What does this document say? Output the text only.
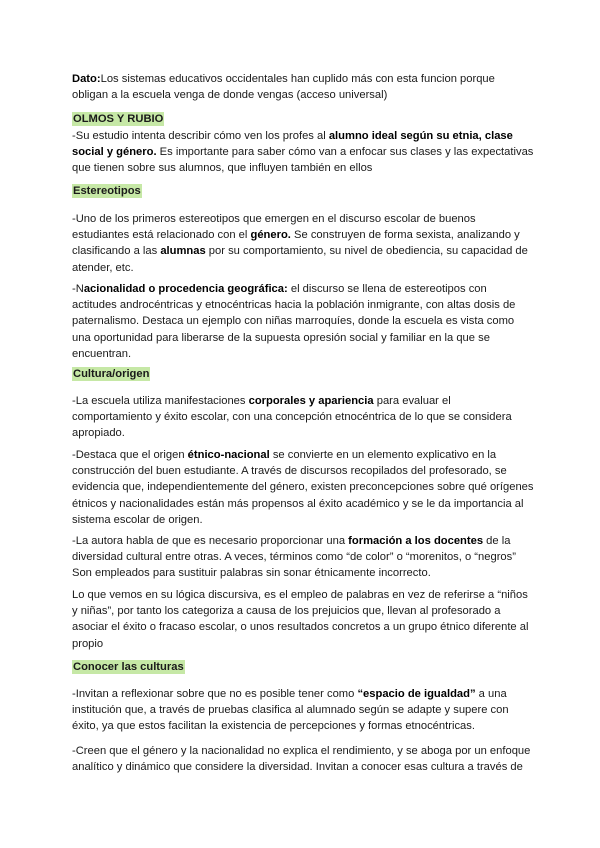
Dato:Los sistemas educativos occidentales han cuplido más con esta funcion porque obligan a la escuela venga de donde vengas (acceso universal)

OLMOS Y RUBIO

-Su estudio intenta describir cómo ven los profes al alumno ideal según su etnia, clase social y género. Es importante para saber cómo van a enfocar sus clases y las expectativas que tienen sobre sus alumnos, que influyen también en ellos

Estereotipos

-Uno de los primeros estereotipos que emergen en el discurso escolar de buenos estudiantes está relacionado con el género. Se construyen de forma sexista, analizando y clasificando a las alumnas por su comportamiento, su nivel de obediencia, su capacidad de atender, etc.

-Nacionalidad o procedencia geográfica: el discurso se llena de estereotipos con actitudes androcéntricas y etnocéntricas hacia la población inmigrante, con altas dosis de paternalismo. Destaca un ejemplo con niñas marroquíes, donde la escuela es vista como una oportunidad para liberarse de la supuesta opresión social y familiar en la que se encuentran.

Cultura/origen

-La escuela utiliza manifestaciones corporales y apariencia para evaluar el comportamiento y éxito escolar, con una concepción etnocéntrica de lo que se considera apropiado.

-Destaca que el origen étnico-nacional se convierte en un elemento explicativo en la construcción del buen estudiante. A través de discursos recopilados del profesorado, se evidencia que, independientemente del género, existen preconcepciones sobre qué orígenes étnicos y nacionalidades están más propensos al éxito académico y se le da importancia al sistema escolar de origen.

-La autora habla de que es necesario proporcionar una formación a los docentes de la diversidad cultural entre otras. A veces, términos como “de color” o “morenitos, o “negros” Son empleados para sustituir palabras sin sonar étnicamente incorrecto.

Lo que vemos en su lógica discursiva, es el empleo de palabras en vez de referirse a “niños y niñas”, por tanto los categoriza a causa de los prejuicios que, llevan al profesorado a asociar el éxito o fracaso escolar, o unos resultados concretos a un grupo étnico diferente al propio

Conocer las culturas

-Invitan a reflexionar sobre que no es posible tener como “espacio de igualdad” a una institución que, a través de pruebas clasifica al alumnado según se adapte y supere con éxito, ya que estos facilitan la existencia de percepciones y formas etnocéntricas.

-Creen que el género y la nacionalidad no explica el rendimiento, y se aboga por un enfoque analítico y dinámico que considere la diversidad. Invitan a conocer esas cultura a través de
